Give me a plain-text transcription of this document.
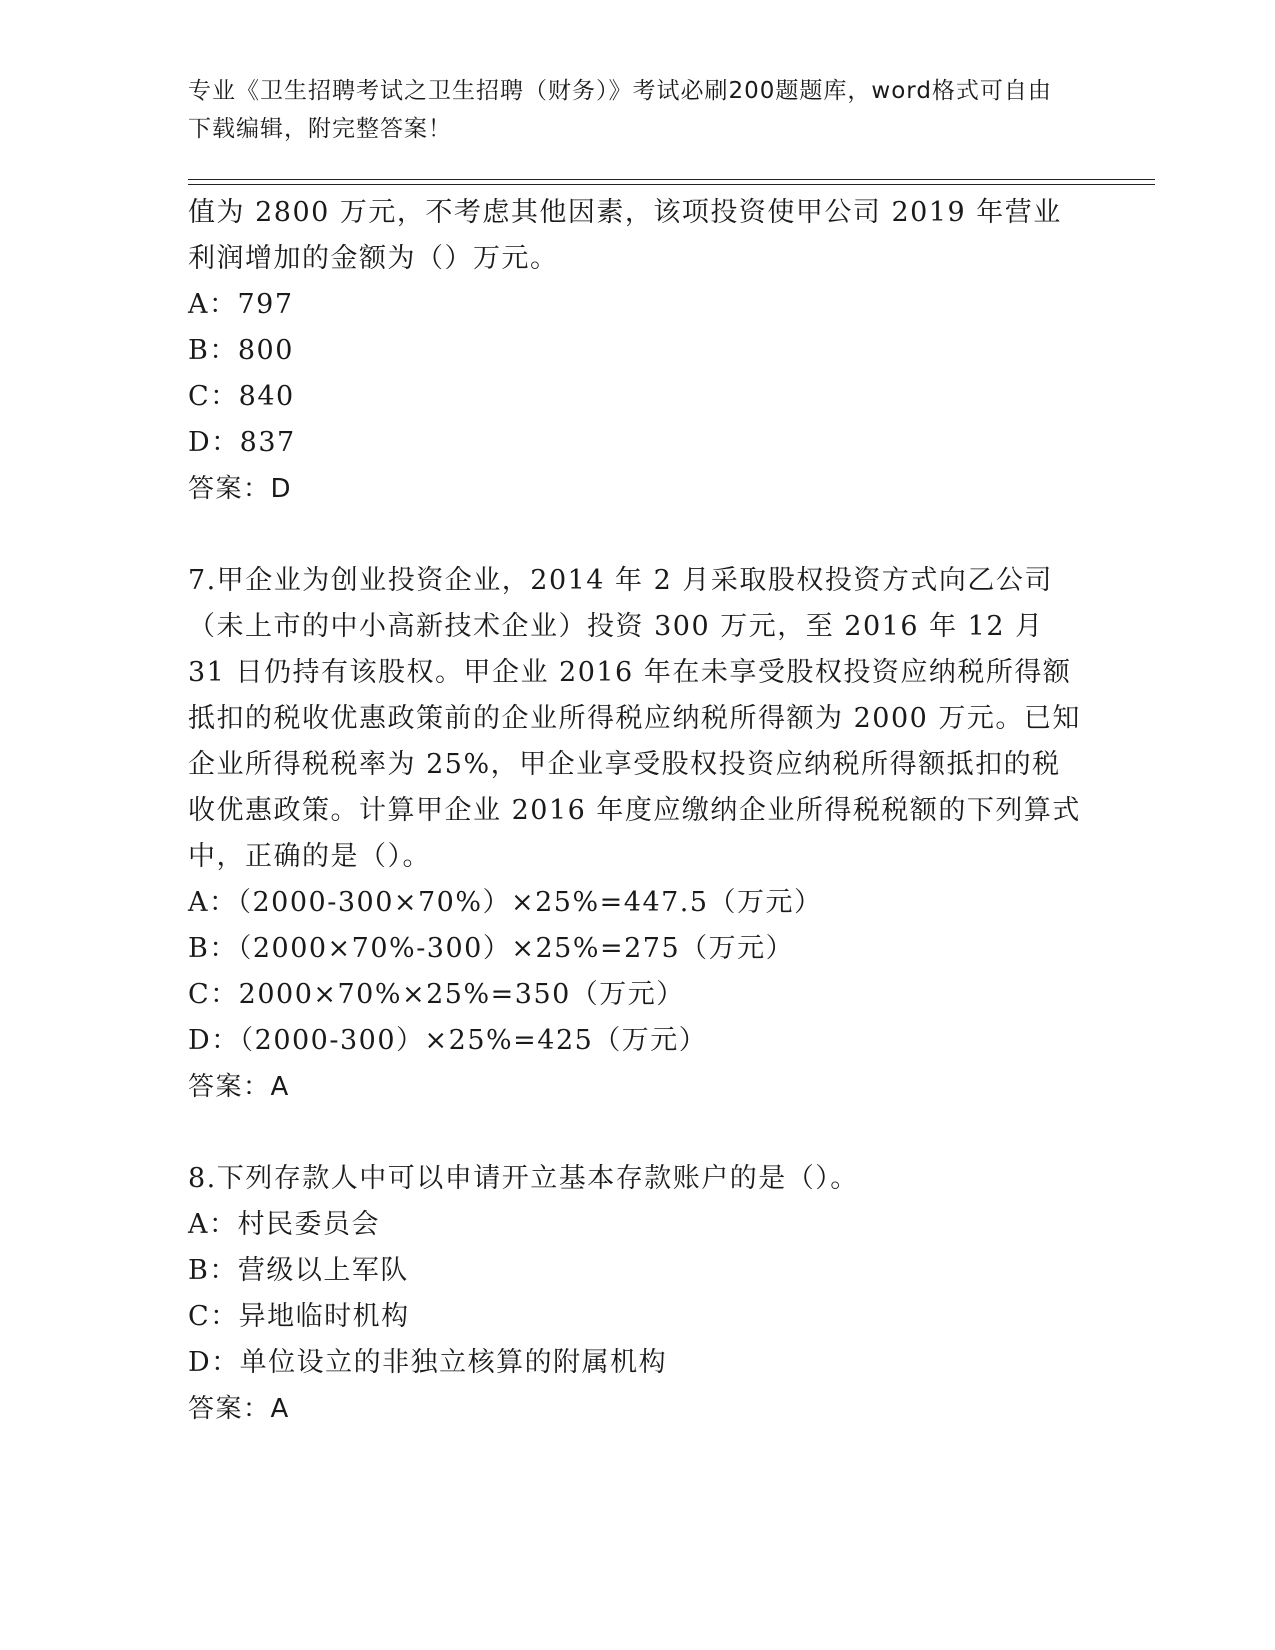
专业《卫生招聘考试之卫生招聘（财务）》考试必刷200题题库，word格式可自由下载编辑，附完整答案！

值为 2800 万元，不考虑其他因素，该项投资使甲公司 2019 年营业利润增加的金额为（）万元。

A：797

B：800

C：840

D：837

答案：D

7.甲企业为创业投资企业，2014 年 2 月采取股权投资方式向乙公司（未上市的中小高新技术企业）投资 300 万元，至 2016 年 12 月 31 日仍持有该股权。甲企业 2016 年在未享受股权投资应纳税所得额抵扣的税收优惠政策前的企业所得税应纳税所得额为 2000 万元。已知企业所得税税率为 25%，甲企业享受股权投资应纳税所得额抵扣的税收优惠政策。计算甲企业 2016 年度应缴纳企业所得税税额的下列算式中，正确的是（）。

A：（2000-300×70%）×25%=447.5（万元）

B：（2000×70%-300）×25%=275（万元）

C：2000×70%×25%=350（万元）

D：（2000-300）×25%=425（万元）

答案：A

8.下列存款人中可以申请开立基本存款账户的是（）。

A：村民委员会

B：营级以上军队

C：异地临时机构

D：单位设立的非独立核算的附属机构

答案：A
